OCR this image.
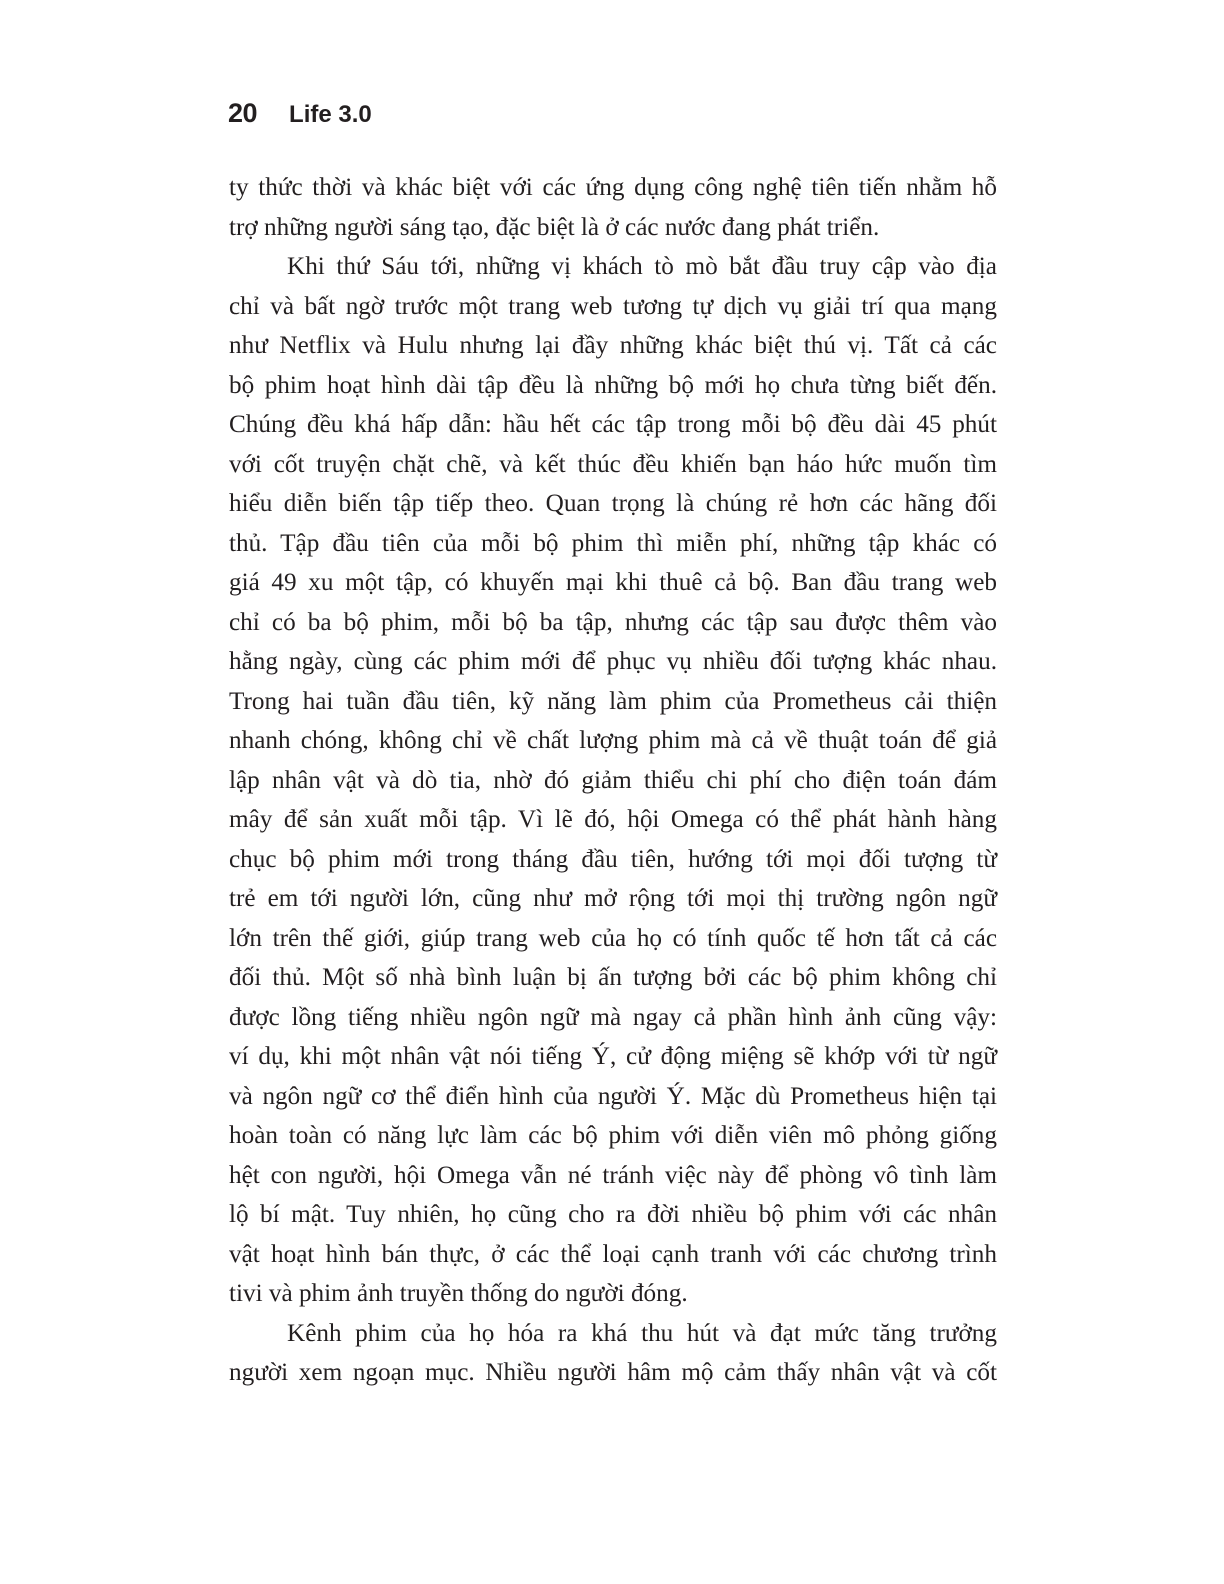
20 Life 3.0
ty thức thời và khác biệt với các ứng dụng công nghệ tiên tiến nhằm hỗ
trợ những người sáng tạo, đặc biệt là ở các nước đang phát triển.
Khi thứ Sáu tới, những vị khách tò mò bắt đầu truy cập vào địa
chỉ và bất ngờ trước một trang web tương tự dịch vụ giải trí qua mạng
như Netflix và Hulu nhưng lại đầy những khác biệt thú vị. Tất cả các
bộ phim hoạt hình dài tập đều là những bộ mới họ chưa từng biết đến.
Chúng đều khá hấp dẫn: hầu hết các tập trong mỗi bộ đều dài 45 phút
với cốt truyện chặt chẽ, và kết thúc đều khiến bạn háo hức muốn tìm
hiểu diễn biến tập tiếp theo. Quan trọng là chúng rẻ hơn các hãng đối
thủ. Tập đầu tiên của mỗi bộ phim thì miễn phí, những tập khác có
giá 49 xu một tập, có khuyến mại khi thuê cả bộ. Ban đầu trang web
chỉ có ba bộ phim, mỗi bộ ba tập, nhưng các tập sau được thêm vào
hằng ngày, cùng các phim mới để phục vụ nhiều đối tượng khác nhau.
Trong hai tuần đầu tiên, kỹ năng làm phim của Prometheus cải thiện
nhanh chóng, không chỉ về chất lượng phim mà cả về thuật toán để giả
lập nhân vật và dò tia, nhờ đó giảm thiểu chi phí cho điện toán đám
mây để sản xuất mỗi tập. Vì lẽ đó, hội Omega có thể phát hành hàng
chục bộ phim mới trong tháng đầu tiên, hướng tới mọi đối tượng từ
trẻ em tới người lớn, cũng như mở rộng tới mọi thị trường ngôn ngữ
lớn trên thế giới, giúp trang web của họ có tính quốc tế hơn tất cả các
đối thủ. Một số nhà bình luận bị ấn tượng bởi các bộ phim không chỉ
được lồng tiếng nhiều ngôn ngữ mà ngay cả phần hình ảnh cũng vậy:
ví dụ, khi một nhân vật nói tiếng Ý, cử động miệng sẽ khớp với từ ngữ
và ngôn ngữ cơ thể điển hình của người Ý. Mặc dù Prometheus hiện tại
hoàn toàn có năng lực làm các bộ phim với diễn viên mô phỏng giống
hệt con người, hội Omega vẫn né tránh việc này để phòng vô tình làm
lộ bí mật. Tuy nhiên, họ cũng cho ra đời nhiều bộ phim với các nhân
vật hoạt hình bán thực, ở các thể loại cạnh tranh với các chương trình
tivi và phim ảnh truyền thống do người đóng.
Kênh phim của họ hóa ra khá thu hút và đạt mức tăng trưởng
người xem ngoạn mục. Nhiều người hâm mộ cảm thấy nhân vật và cốt
